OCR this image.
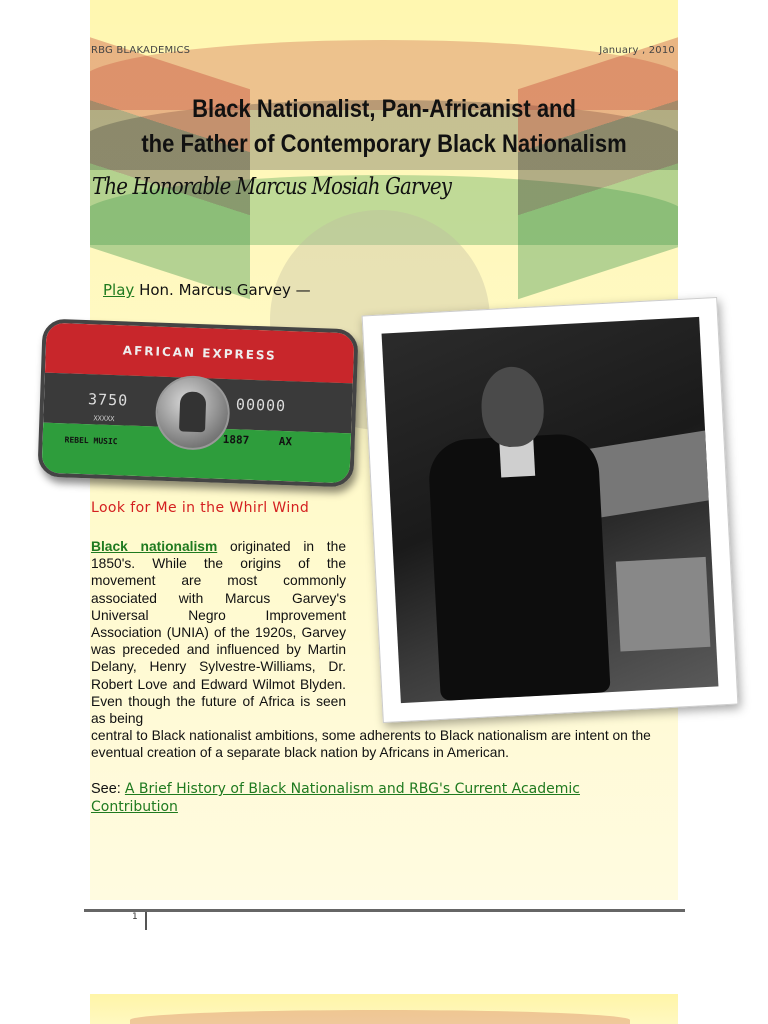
RBG BLAKADEMICS	January , 2010
Black Nationalist, Pan-Africanist and
the Father of Contemporary Black Nationalism
The Honorable Marcus Mosiah Garvey
Play Hon. Marcus Garvey —
AFRICAN EXPRESS
3750	00000
XXXXX
1887	AX
REBEL MUSIC
Look for Me in the Whirl Wind
Black nationalism originated in the 1850's. While the origins of the movement are most commonly associated with Marcus Garvey's Universal Negro Improvement Association (UNIA) of the 1920s, Garvey was preceded and influenced by Martin Delany, Henry Sylvestre-Williams, Dr. Robert Love and Edward Wilmot Blyden. Even though the future of Africa is seen as being
central to Black nationalist ambitions, some adherents to Black nationalism are intent on the eventual creation of a separate black nation by Africans in American.
See: A Brief History of Black Nationalism and RBG's Current Academic Contribution
1
